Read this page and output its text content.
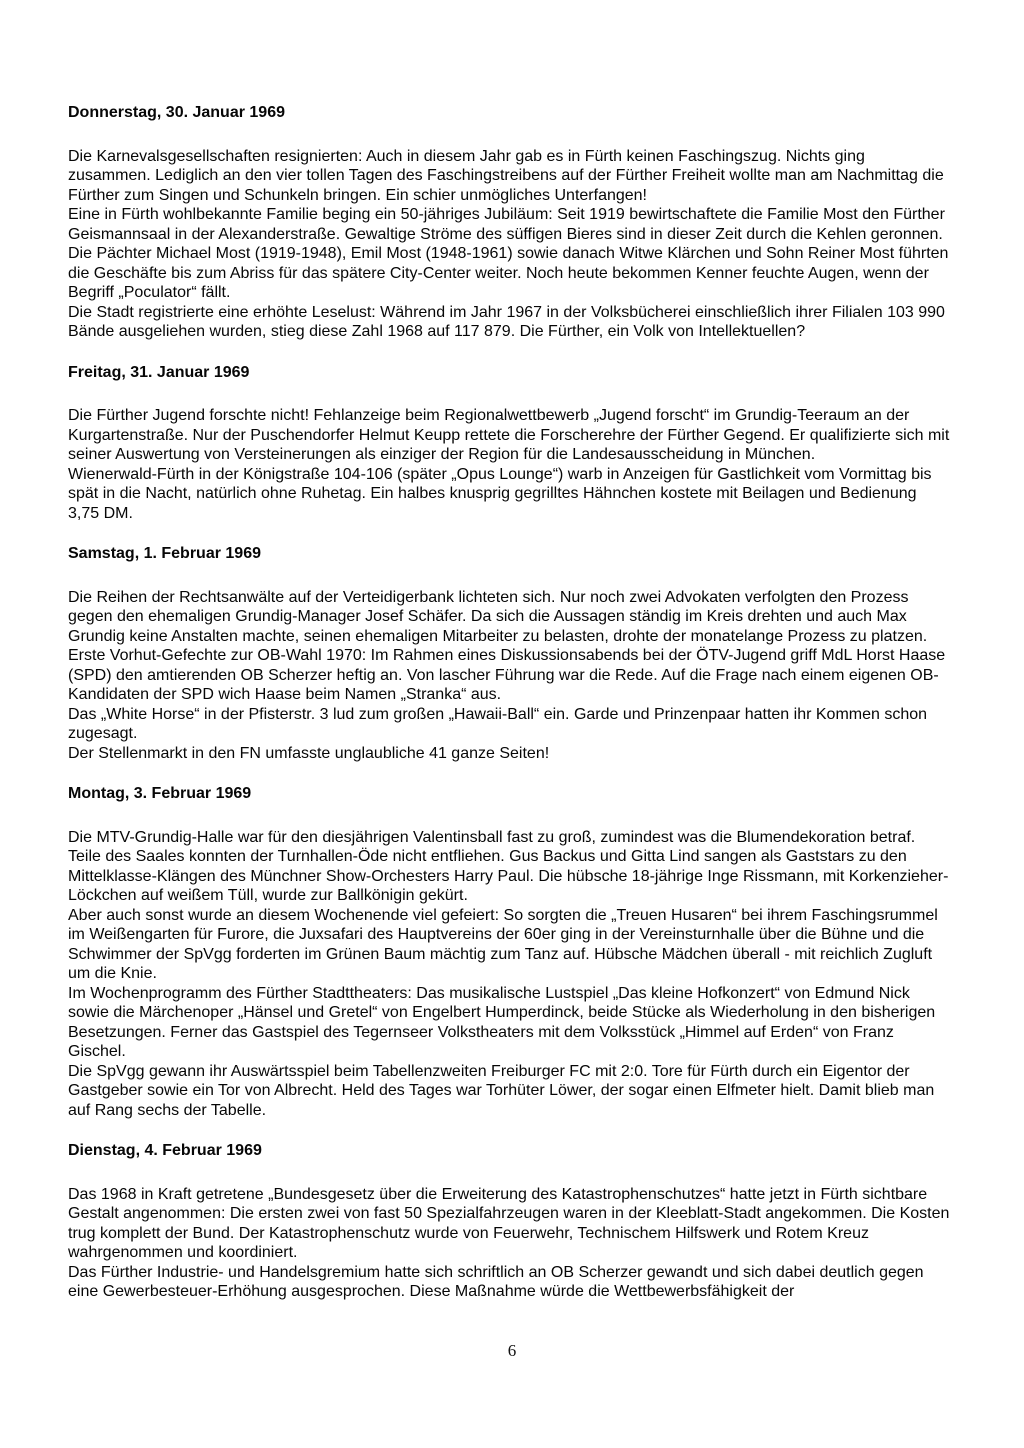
Donnerstag, 30. Januar 1969

Die Karnevalsgesellschaften resignierten: Auch in diesem Jahr gab es in Fürth keinen Faschingszug. Nichts ging zusammen. Lediglich an den vier tollen Tagen des Faschingstreibens auf der Fürther Freiheit wollte man am Nachmittag die Fürther zum Singen und Schunkeln bringen. Ein schier unmögliches Unterfangen!

Eine in Fürth wohlbekannte Familie beging ein 50-jähriges Jubiläum: Seit 1919 bewirtschaftete die Familie Most den Fürther Geismannsaal in der Alexanderstraße. Gewaltige Ströme des süffigen Bieres sind in dieser Zeit durch die Kehlen geronnen. Die Pächter Michael Most (1919-1948), Emil Most (1948-1961) sowie danach Witwe Klärchen und Sohn Reiner Most führten die Geschäfte bis zum Abriss für das spätere City-Center weiter. Noch heute bekommen Kenner feuchte Augen, wenn der Begriff „Poculator“ fällt.

Die Stadt registrierte eine erhöhte Leselust: Während im Jahr 1967 in der Volksbücherei einschließlich ihrer Filialen 103 990 Bände ausgeliehen wurden, stieg diese Zahl 1968 auf 117 879. Die Fürther, ein Volk von Intellektuellen?

Freitag, 31. Januar 1969

Die Fürther Jugend forschte nicht! Fehlanzeige beim Regionalwettbewerb „Jugend forscht“ im Grundig-Teeraum an der Kurgartenstraße. Nur der Puschendorfer Helmut Keupp rettete die Forscherehre der Fürther Gegend. Er qualifizierte sich mit seiner Auswertung von Versteinerungen als einziger der Region für die Landesausscheidung in München.

Wienerwald-Fürth in der Königstraße 104-106 (später „Opus Lounge“) warb in Anzeigen für Gastlichkeit vom Vormittag bis spät in die Nacht, natürlich ohne Ruhetag. Ein halbes knusprig gegrilltes Hähnchen kostete mit Beilagen und Bedienung 3,75 DM.

Samstag, 1. Februar 1969

Die Reihen der Rechtsanwälte auf der Verteidigerbank lichteten sich. Nur noch zwei Advokaten verfolgten den Prozess gegen den ehemaligen Grundig-Manager Josef Schäfer. Da sich die Aussagen ständig im Kreis drehten und auch Max Grundig keine Anstalten machte, seinen ehemaligen Mitarbeiter zu belasten, drohte der monatelange Prozess zu platzen.

Erste Vorhut-Gefechte zur OB-Wahl 1970: Im Rahmen eines Diskussionsabends bei der ÖTV-Jugend griff MdL Horst Haase (SPD) den amtierenden OB Scherzer heftig an. Von lascher Führung war die Rede. Auf die Frage nach einem eigenen OB-Kandidaten der SPD wich Haase beim Namen „Stranka“ aus.

Das „White Horse“ in der Pfisterstr. 3 lud zum großen „Hawaii-Ball“ ein. Garde und Prinzenpaar hatten ihr Kommen schon zugesagt.

Der Stellenmarkt in den FN umfasste unglaubliche 41 ganze Seiten!

Montag, 3. Februar 1969

Die MTV-Grundig-Halle war für den diesjährigen Valentinsball fast zu groß, zumindest was die Blumendekoration betraf. Teile des Saales konnten der Turnhallen-Öde nicht entfliehen. Gus Backus und Gitta Lind sangen als Gaststars zu den Mittelklasse-Klängen des Münchner Show-Orchesters Harry Paul. Die hübsche 18-jährige Inge Rissmann, mit Korkenzieher-Löckchen auf weißem Tüll, wurde zur Ballkönigin gekürt.

Aber auch sonst wurde an diesem Wochenende viel gefeiert: So sorgten die „Treuen Husaren“ bei ihrem Faschingsrummel im Weißengarten für Furore, die Juxsafari des Hauptvereins der 60er ging in der Vereinsturnhalle über die Bühne und die Schwimmer der SpVgg forderten im Grünen Baum mächtig zum Tanz auf. Hübsche Mädchen überall - mit reichlich Zugluft um die Knie.

Im Wochenprogramm des Fürther Stadttheaters: Das musikalische Lustspiel „Das kleine Hofkonzert“ von Edmund Nick sowie die Märchenoper „Hänsel und Gretel“ von Engelbert Humperdinck, beide Stücke als Wiederholung in den bisherigen Besetzungen. Ferner das Gastspiel des Tegernseer Volkstheaters mit dem Volksstück „Himmel auf Erden“ von Franz Gischel.

Die SpVgg gewann ihr Auswärtsspiel beim Tabellenzweiten Freiburger FC mit 2:0. Tore für Fürth durch ein Eigentor der Gastgeber sowie ein Tor von Albrecht. Held des Tages war Torhüter Löwer, der sogar einen Elfmeter hielt. Damit blieb man auf Rang sechs der Tabelle.

Dienstag, 4. Februar 1969

Das 1968 in Kraft getretene „Bundesgesetz über die Erweiterung des Katastrophenschutzes“ hatte jetzt in Fürth sichtbare Gestalt angenommen: Die ersten zwei von fast 50 Spezialfahrzeugen waren in der Kleeblatt-Stadt angekommen. Die Kosten trug komplett der Bund. Der Katastrophenschutz wurde von Feuerwehr, Technischem Hilfswerk und Rotem Kreuz wahrgenommen und koordiniert.

Das Fürther Industrie- und Handelsgremium hatte sich schriftlich an OB Scherzer gewandt und sich dabei deutlich gegen eine Gewerbesteuer-Erhöhung ausgesprochen. Diese Maßnahme würde die Wettbewerbsfähigkeit der

6
